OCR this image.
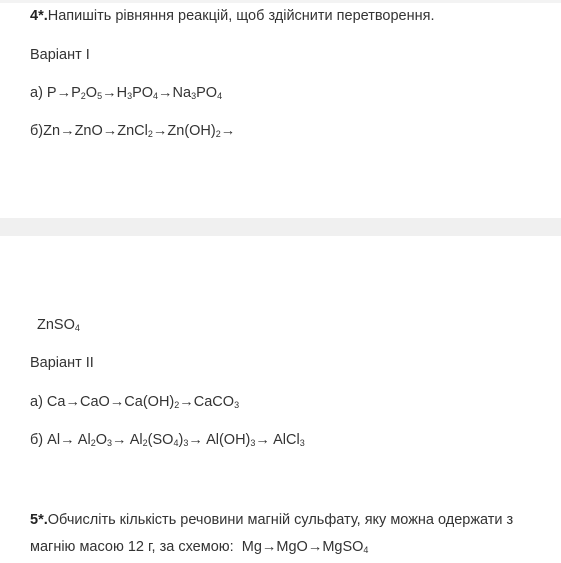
4*.Напишіть рівняння реакцій, щоб здійснити перетворення.
Варіант I
а) $P\to P_2O_5\to H_3PO_4\to Na_3PO_4$
$б)Zn\to ZnO\to ZnCl_2\to Zn(OH)_2\to$
ZnSO$_4$
Варіант II
а) $Ca\to CaO\to Ca(OH)_2\to CaCO_3$
б) $Al\to Al_2O_3\to Al_2(SO_4)_3\to Al(OH)_3\to$ AlCl$_3$
5*.Обчисліть кількість речовини магній сульфату, яку можна одержати з
магнію масою 12 г, за схемою:  Mg→MgO→MgSO$_4$
